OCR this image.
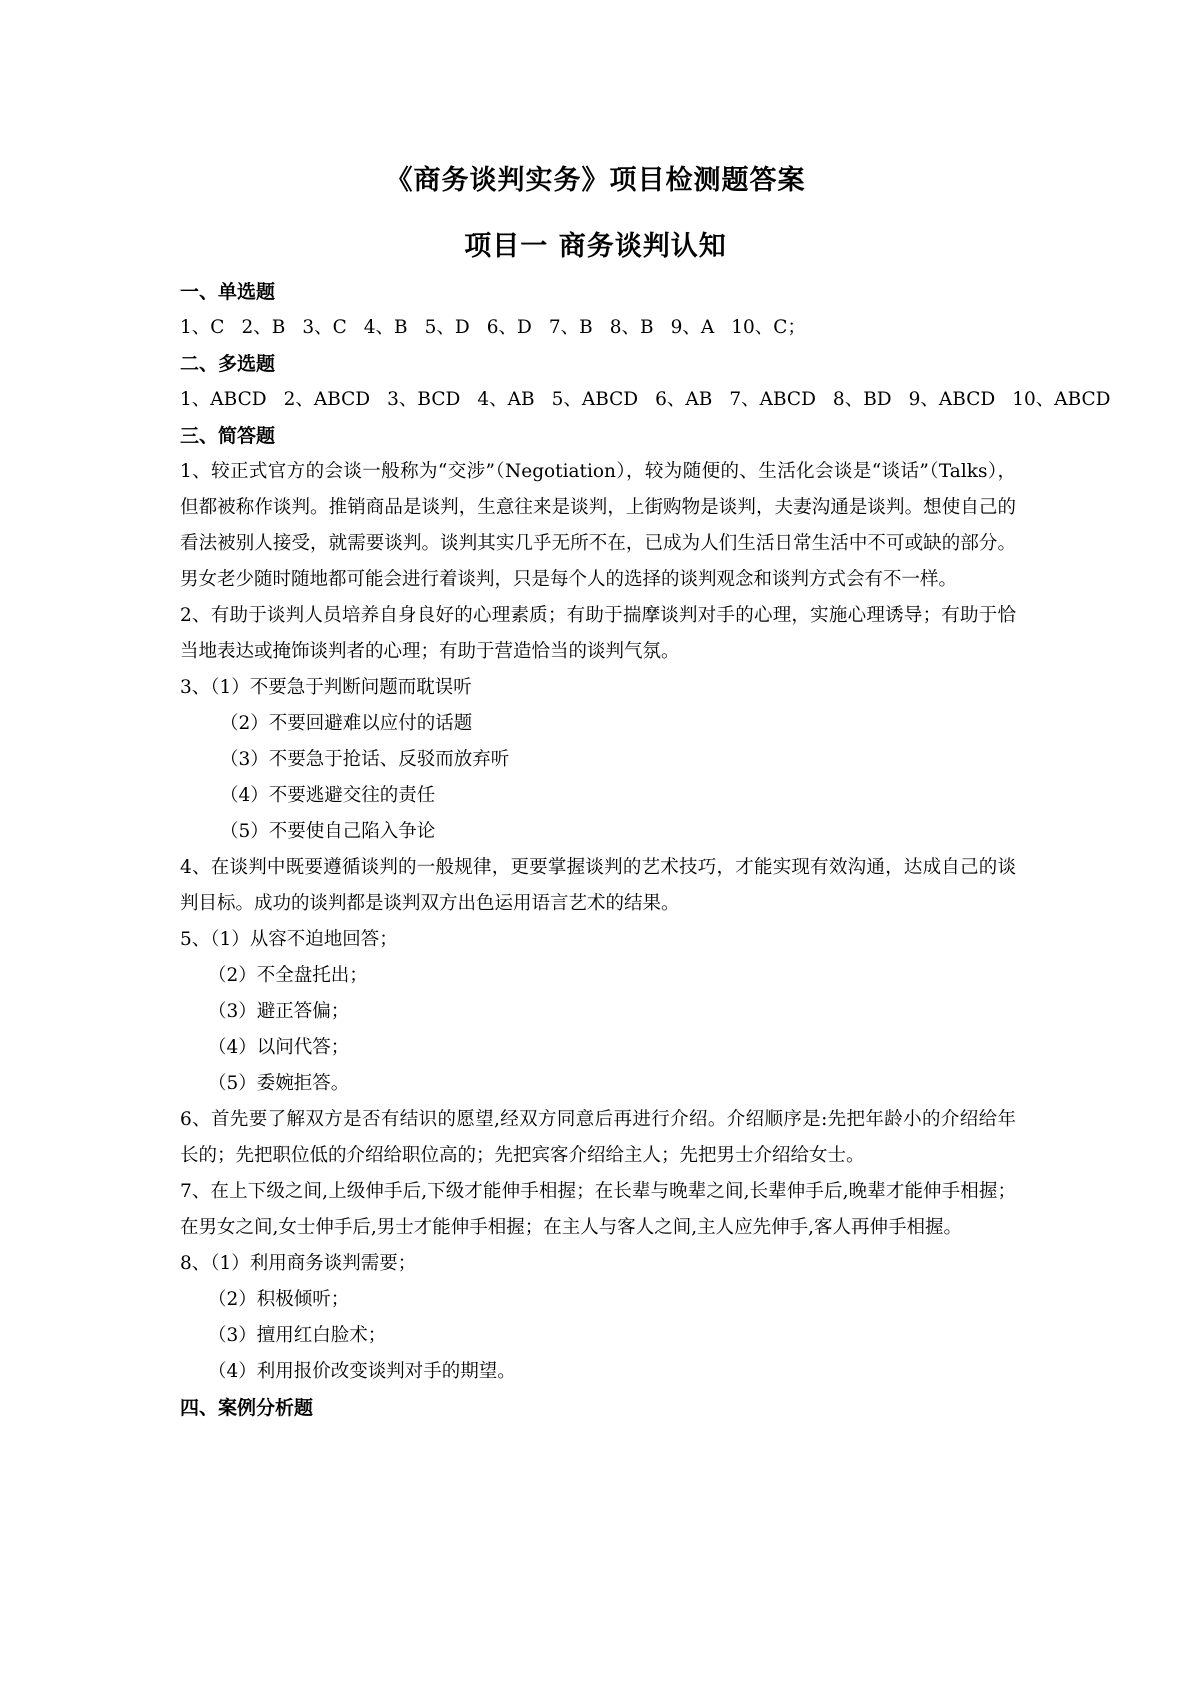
《商务谈判实务》项目检测题答案
项目一 商务谈判认知

一、单选题

1、C 2、B 3、C 4、B 5、D 6、D 7、B 8、B 9、A 10、C；

二、多选题

1、ABCD 2、ABCD 3、BCD 4、AB 5、ABCD 6、AB 7、ABCD 8、BD 9、ABCD 10、ABCD

三、简答题

1、较正式官方的会谈一般称为“交涉”（Negotiation），较为随便的、生活化会谈是“谈话”（Talks），但都被称作谈判。推销商品是谈判，生意往来是谈判，上街购物是谈判，夫妻沟通是谈判。想使自己的看法被别人接受，就需要谈判。谈判其实几乎无所不在，已成为人们生活日常生活中不可或缺的部分。男女老少随时随地都可能会进行着谈判，只是每个人的选择的谈判观念和谈判方式会有不一样。

2、有助于谈判人员培养自身良好的心理素质；有助于揣摩谈判对手的心理，实施心理诱导；有助于恰当地表达或掩饰谈判者的心理；有助于营造恰当的谈判气氛。

3、（1）不要急于判断问题而耽误听

（2）不要回避难以应付的话题

（3）不要急于抢话、反驳而放弃听

（4）不要逃避交往的责任

（5）不要使自己陷入争论

4、在谈判中既要遵循谈判的一般规律，更要掌握谈判的艺术技巧，才能实现有效沟通，达成自己的谈判目标。成功的谈判都是谈判双方出色运用语言艺术的结果。

5、（1）从容不迫地回答；

（2）不全盘托出；

（3）避正答偏；

（4）以问代答；

（5）委婉拒答。

6、首先要了解双方是否有结识的愿望,经双方同意后再进行介绍。介绍顺序是:先把年龄小的介绍给年长的；先把职位低的介绍给职位高的；先把宾客介绍给主人；先把男士介绍给女士。

7、在上下级之间,上级伸手后,下级才能伸手相握；在长辈与晚辈之间,长辈伸手后,晚辈才能伸手相握；在男女之间,女士伸手后,男士才能伸手相握；在主人与客人之间,主人应先伸手,客人再伸手相握。

8、（1）利用商务谈判需要；

（2）积极倾听；

（3）擅用红白脸术；

（4）利用报价改变谈判对手的期望。

四、案例分析题
